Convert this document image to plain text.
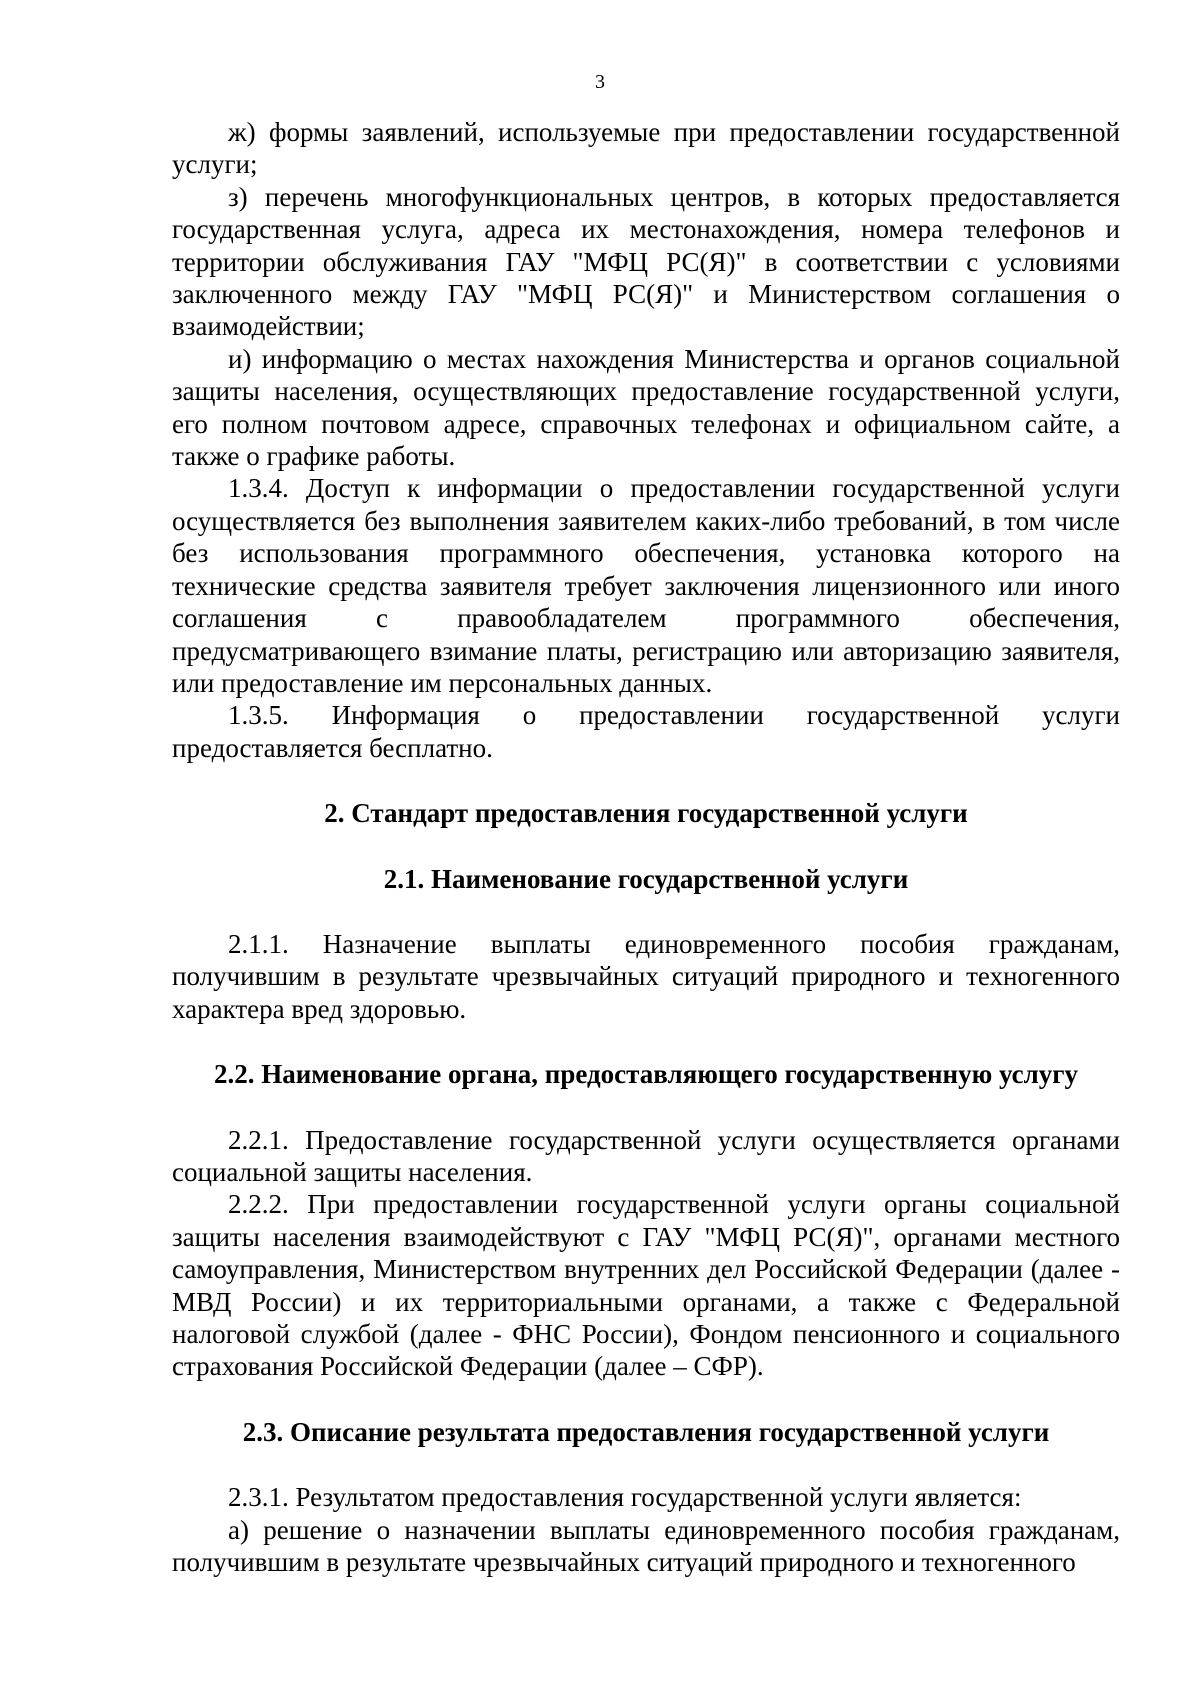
3

ж) формы заявлений, используемые при предоставлении государственной услуги;

з) перечень многофункциональных центров, в которых предоставляется государственная услуга, адреса их местонахождения, номера телефонов и территории обслуживания ГАУ "МФЦ РС(Я)" в соответствии с условиями заключенного между ГАУ "МФЦ РС(Я)" и Министерством соглашения о взаимодействии;

и) информацию о местах нахождения Министерства и органов социальной защиты населения, осуществляющих предоставление государственной услуги, его полном почтовом адресе, справочных телефонах и официальном сайте, а также о графике работы.

1.3.4. Доступ к информации о предоставлении государственной услуги осуществляется без выполнения заявителем каких-либо требований, в том числе без использования программного обеспечения, установка которого на технические средства заявителя требует заключения лицензионного или иного соглашения с правообладателем программного обеспечения, предусматривающего взимание платы, регистрацию или авторизацию заявителя, или предоставление им персональных данных.

1.3.5. Информация о предоставлении государственной услуги предоставляется бесплатно.

2. Стандарт предоставления государственной услуги

2.1. Наименование государственной услуги

2.1.1. Назначение выплаты единовременного пособия гражданам, получившим в результате чрезвычайных ситуаций природного и техногенного характера вред здоровью.

2.2. Наименование органа, предоставляющего государственную услугу

2.2.1. Предоставление государственной услуги осуществляется органами социальной защиты населения.

2.2.2. При предоставлении государственной услуги органы социальной защиты населения взаимодействуют с ГАУ "МФЦ РС(Я)", органами местного самоуправления, Министерством внутренних дел Российской Федерации (далее - МВД России) и их территориальными органами, а также с Федеральной налоговой службой (далее - ФНС России), Фондом пенсионного и социального страхования Российской Федерации (далее – СФР).

2.3. Описание результата предоставления государственной услуги

2.3.1. Результатом предоставления государственной услуги является:

а) решение о назначении выплаты единовременного пособия гражданам, получившим в результате чрезвычайных ситуаций природного и техногенного
